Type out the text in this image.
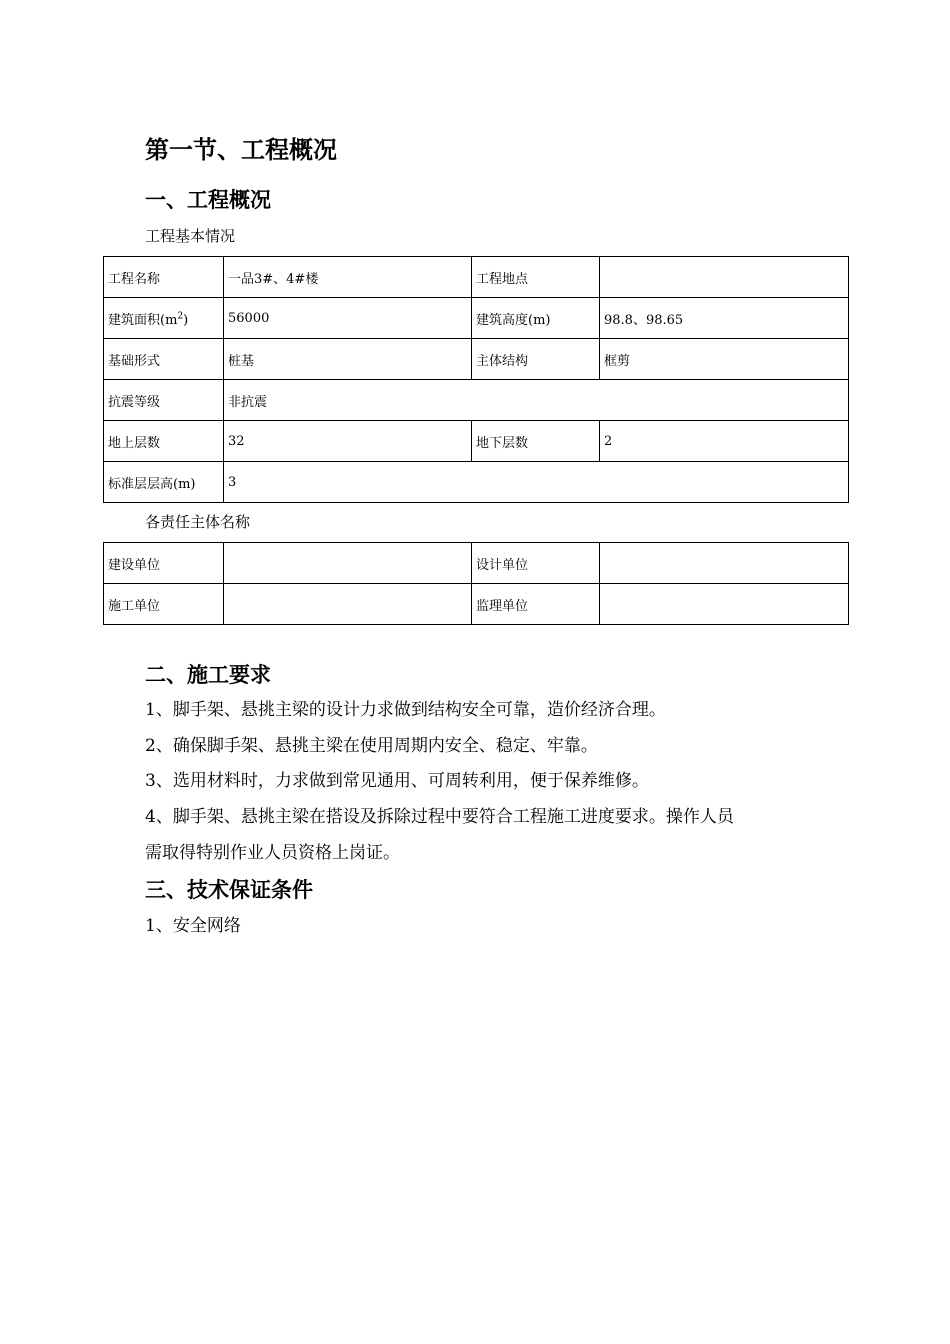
第一节、工程概况
一、工程概况
工程基本情况
工程名称	一品3#、4#楼	工程地点	
建筑面积$(m^2)$	56000	建筑高度(m)	98.8、98.65
基础形式	桩基	主体结构	框剪
抗震等级	非抗震		
地上层数	32	地下层数	2
标准层层高(m)	3		
各责任主体名称
建设单位		设计单位	
施工单位		监理单位	
二、施工要求
1、脚手架、悬挑主梁的设计力求做到结构安全可靠，造价经济合理。
2、确保脚手架、悬挑主梁在使用周期内安全、稳定、牢靠。
3、选用材料时，力求做到常见通用、可周转利用，便于保养维修。
4、脚手架、悬挑主梁在搭设及拆除过程中要符合工程施工进度要求。操作人员
需取得特别作业人员资格上岗证。
三、技术保证条件
1、安全网络
